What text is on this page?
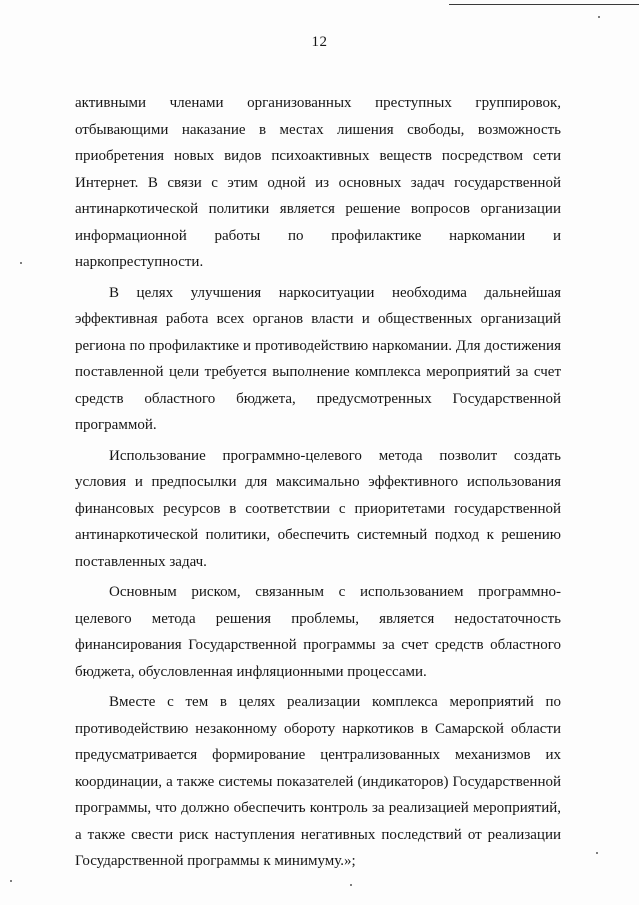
12

активными членами организованных преступных группировок, отбывающими наказание в местах лишения свободы, возможность приобретения новых видов психоактивных веществ посредством сети Интернет. В связи с этим одной из основных задач государственной антинаркотической политики является решение вопросов организации информационной работы по профилактике наркомании и наркопреступности.

В целях улучшения наркоситуации необходима дальнейшая эффективная работа всех органов власти и общественных организаций региона по профилактике и противодействию наркомании. Для достижения поставленной цели требуется выполнение комплекса мероприятий за счет средств областного бюджета, предусмотренных Государственной программой.

Использование программно-целевого метода позволит создать условия и предпосылки для максимально эффективного использования финансовых ресурсов в соответствии с приоритетами государственной антинаркотической политики, обеспечить системный подход к решению поставленных задач.

Основным риском, связанным с использованием программно-целевого метода решения проблемы, является недостаточность финансирования Государственной программы за счет средств областного бюджета, обусловленная инфляционными процессами.

Вместе с тем в целях реализации комплекса мероприятий по противодействию незаконному обороту наркотиков в Самарской области предусматривается формирование централизованных механизмов их координации, а также системы показателей (индикаторов) Государственной программы, что должно обеспечить контроль за реализацией мероприятий, а также свести риск наступления негативных последствий от реализации Государственной программы к минимуму.»;
